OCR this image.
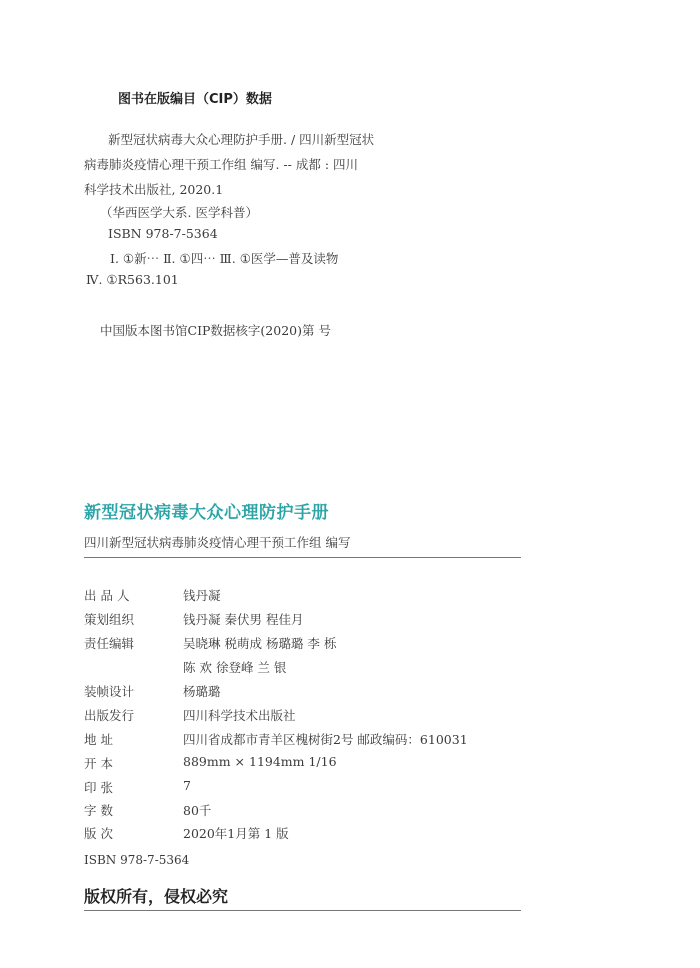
图书在版编目（CIP）数据
新型冠状病毒大众心理防护手册. / 四川新型冠状
病毒肺炎疫情心理干预工作组 编写. -- 成都 : 四川
科学技术出版社, 2020.1
（华西医学大系. 医学科普）
ISBN 978-7-5364
Ⅰ. ①新⋯ Ⅱ. ①四⋯ Ⅲ. ①医学—普及读物
Ⅳ. ①R563.101
中国版本图书馆CIP数据核字(2020)第 号
新型冠状病毒大众心理防护手册
四川新型冠状病毒肺炎疫情心理干预工作组 编写
出 品 人	钱丹凝
策划组织	钱丹凝 秦伏男 程佳月
责任编辑	吴晓琳 税萌成 杨璐璐 李 栎
陈 欢 徐登峰 兰 银
装帧设计	杨璐璐
出版发行	四川科学技术出版社
地 址	四川省成都市青羊区槐树街2号 邮政编码：610031
开 本	889mm × 1194mm 1/16
印 张	7
字 数	80千
版 次	2020年1月第 1 版
ISBN 978-7-5364
版权所有，侵权必究
